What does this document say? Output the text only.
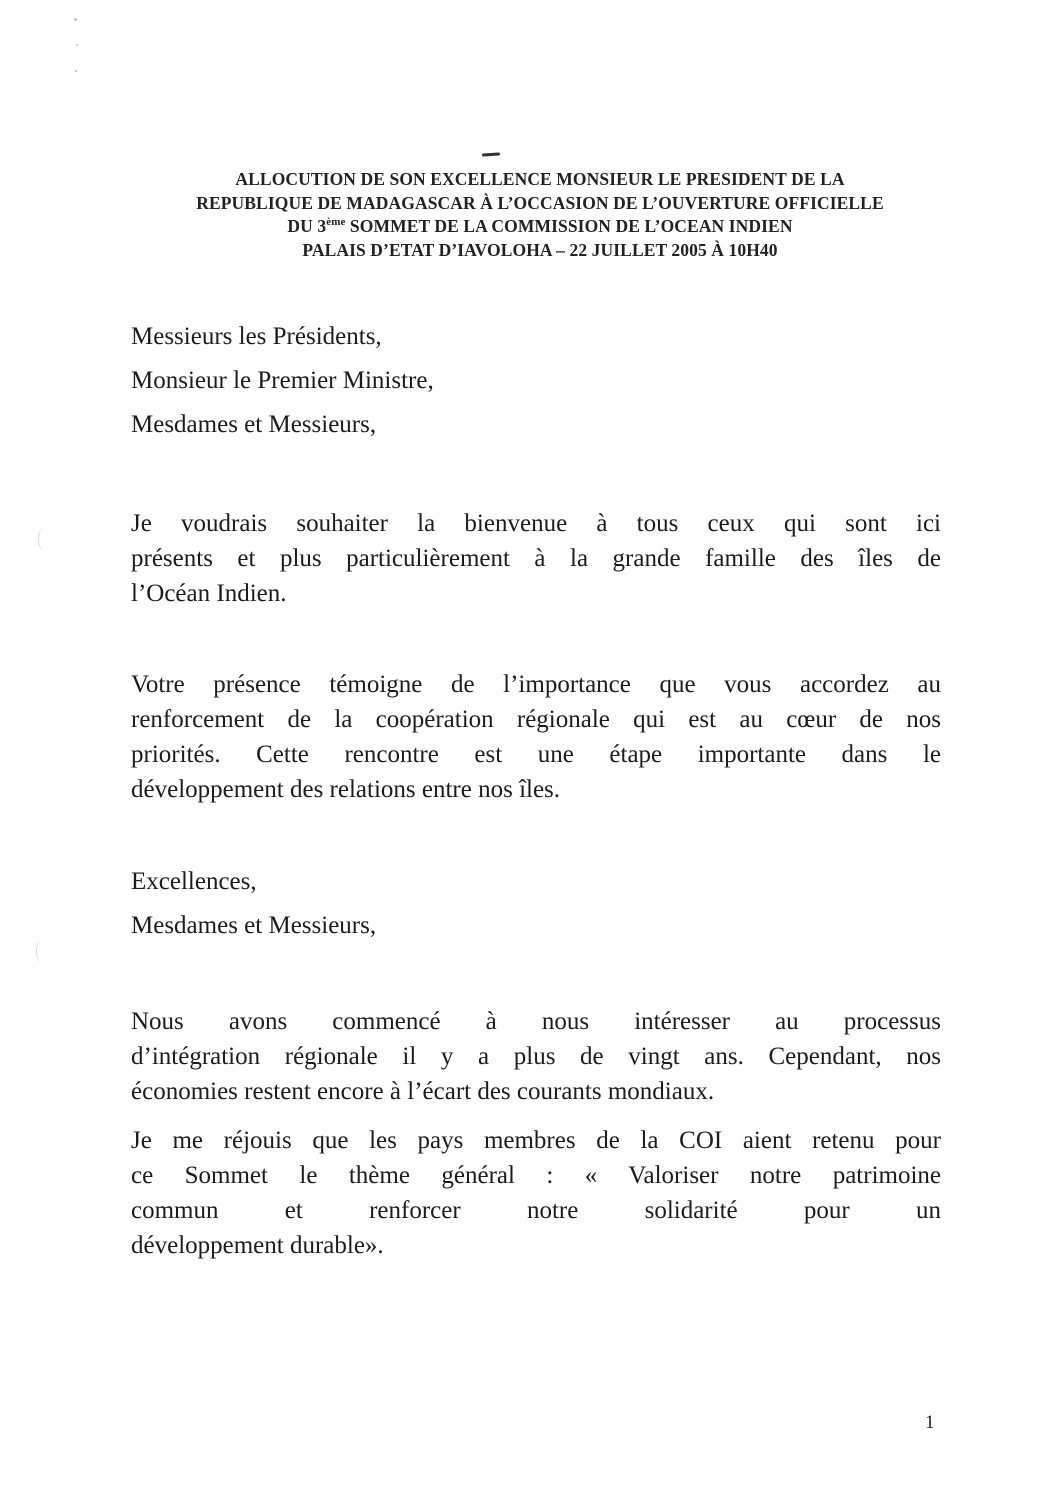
ALLOCUTION DE SON EXCELLENCE MONSIEUR LE PRESIDENT DE LA
REPUBLIQUE DE MADAGASCAR À L’OCCASION DE L’OUVERTURE OFFICIELLE
DU 3ème SOMMET DE LA COMMISSION DE L’OCEAN INDIEN
PALAIS D’ETAT D’IAVOLOHA – 22 JUILLET 2005 À 10H40
Messieurs les Présidents,
Monsieur le Premier Ministre,
Mesdames et Messieurs,
Je voudrais souhaiter la bienvenue à tous ceux qui sont ici
présents et plus particulièrement à la grande famille des îles de
l’Océan Indien.
Votre présence témoigne de l’importance que vous accordez au
renforcement de la coopération régionale qui est au cœur de nos
priorités. Cette rencontre est une étape importante dans le
développement des relations entre nos îles.
Excellences,
Mesdames et Messieurs,
Nous avons commencé à nous intéresser au processus
d’intégration régionale il y a plus de vingt ans. Cependant, nos
économies restent encore à l’écart des courants mondiaux.
Je me réjouis que les pays membres de la COI aient retenu pour
ce Sommet le thème général : « Valoriser notre patrimoine
commun et renforcer notre solidarité pour un
développement durable».
1
